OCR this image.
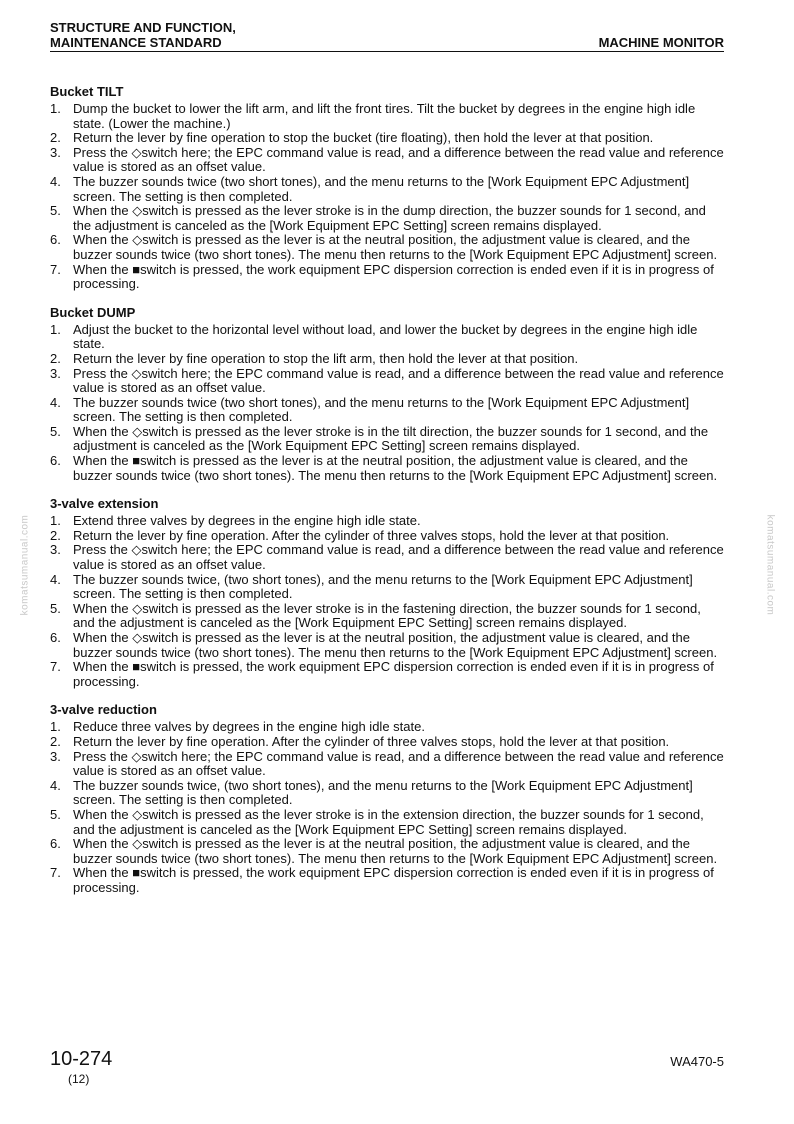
STRUCTURE AND FUNCTION,
MAINTENANCE STANDARD	MACHINE MONITOR
Bucket TILT
1. Dump the bucket to lower the lift arm, and lift the front tires. Tilt the bucket by degrees in the engine high idle state. (Lower the machine.)
2. Return the lever by fine operation to stop the bucket (tire floating), then hold the lever at that position.
3. Press the ◇switch here; the EPC command value is read, and a difference between the read value and reference value is stored as an offset value.
4. The buzzer sounds twice (two short tones), and the menu returns to the [Work Equipment EPC Adjustment] screen. The setting is then completed.
5. When the ◇switch is pressed as the lever stroke is in the dump direction, the buzzer sounds for 1 second, and the adjustment is canceled as the [Work Equipment EPC Setting] screen remains displayed.
6. When the ◇switch is pressed as the lever is at the neutral position, the adjustment value is cleared, and the buzzer sounds twice (two short tones). The menu then returns to the [Work Equipment EPC Adjustment] screen.
7. When the ■switch is pressed, the work equipment EPC dispersion correction is ended even if it is in progress of processing.
Bucket DUMP
1. Adjust the bucket to the horizontal level without load, and lower the bucket by degrees in the engine high idle state.
2. Return the lever by fine operation to stop the lift arm, then hold the lever at that position.
3. Press the ◇switch here; the EPC command value is read, and a difference between the read value and reference value is stored as an offset value.
4. The buzzer sounds twice (two short tones), and the menu returns to the [Work Equipment EPC Adjustment] screen. The setting is then completed.
5. When the ◇switch is pressed as the lever stroke is in the tilt direction, the buzzer sounds for 1 second, and the adjustment is canceled as the [Work Equipment EPC Setting] screen remains displayed.
6. When the ■switch is pressed as the lever is at the neutral position, the adjustment value is cleared, and the buzzer sounds twice (two short tones). The menu then returns to the [Work Equipment EPC Adjustment] screen.
3-valve extension
1. Extend three valves by degrees in the engine high idle state.
2. Return the lever by fine operation. After the cylinder of three valves stops, hold the lever at that position.
3. Press the ◇switch here; the EPC command value is read, and a difference between the read value and reference value is stored as an offset value.
4. The buzzer sounds twice, (two short tones), and the menu returns to the [Work Equipment EPC Adjustment] screen. The setting is then completed.
5. When the ◇switch is pressed as the lever stroke is in the fastening direction, the buzzer sounds for 1 second, and the adjustment is canceled as the [Work Equipment EPC Setting] screen remains displayed.
6. When the ◇switch is pressed as the lever is at the neutral position, the adjustment value is cleared, and the buzzer sounds twice (two short tones). The menu then returns to the [Work Equipment EPC Adjustment] screen.
7. When the ■switch is pressed, the work equipment EPC dispersion correction is ended even if it is in progress of processing.
3-valve reduction
1. Reduce three valves by degrees in the engine high idle state.
2. Return the lever by fine operation. After the cylinder of three valves stops, hold the lever at that position.
3. Press the ◇switch here; the EPC command value is read, and a difference between the read value and reference value is stored as an offset value.
4. The buzzer sounds twice, (two short tones), and the menu returns to the [Work Equipment EPC Adjustment] screen. The setting is then completed.
5. When the ◇switch is pressed as the lever stroke is in the extension direction, the buzzer sounds for 1 second, and the adjustment is canceled as the [Work Equipment EPC Setting] screen remains displayed.
6. When the ◇switch is pressed as the lever is at the neutral position, the adjustment value is cleared, and the buzzer sounds twice (two short tones). The menu then returns to the [Work Equipment EPC Adjustment] screen.
7. When the ■switch is pressed, the work equipment EPC dispersion correction is ended even if it is in progress of processing.
10-274
(12)
WA470-5
komatsumanual.com	komatsumanual.com
